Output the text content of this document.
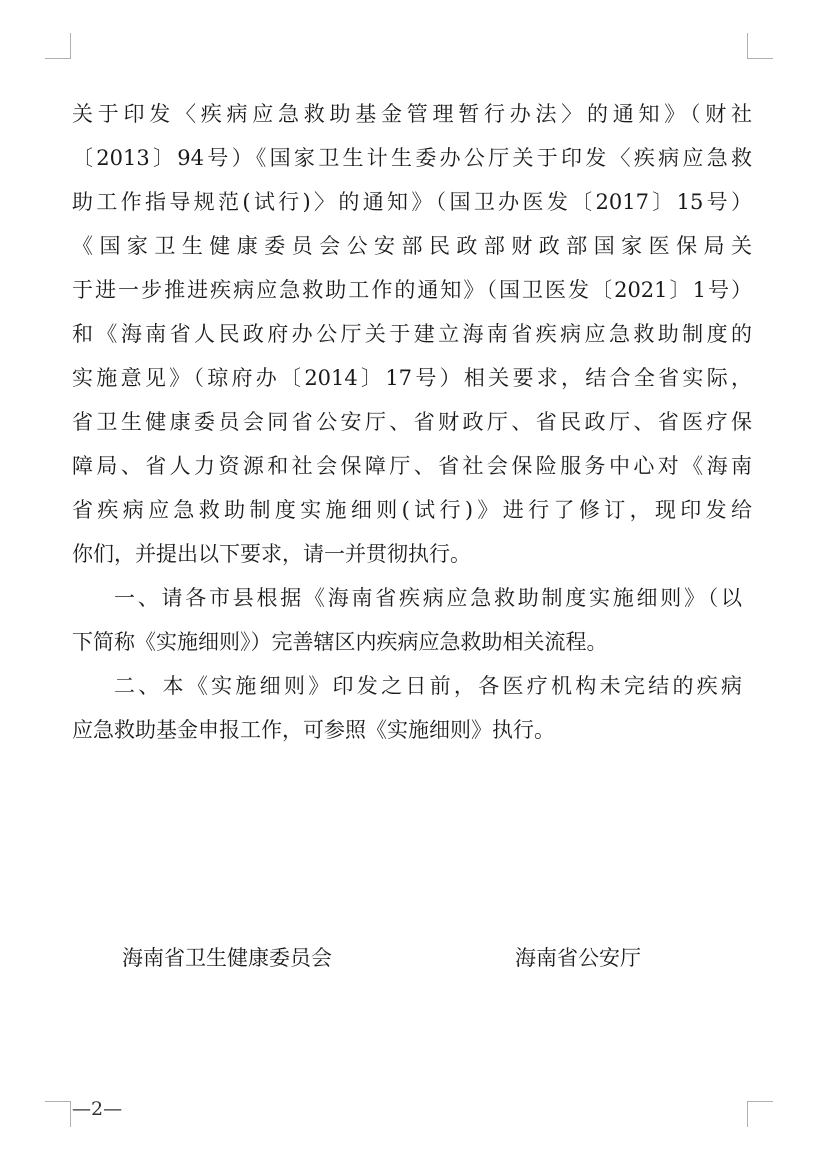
关于印发〈疾病应急救助基金管理暂行办法〉的通知》（财社
〔2013〕94号）《国家卫生计生委办公厅关于印发〈疾病应急救
助工作指导规范(试行)〉的通知》（国卫办医发〔2017〕15号）
《国家卫生健康委员会公安部民政部财政部国家医保局关
于进一步推进疾病应急救助工作的通知》（国卫医发〔2021〕1号）
和《海南省人民政府办公厅关于建立海南省疾病应急救助制度的
实施意见》（琼府办〔2014〕17号）相关要求，结合全省实际，
省卫生健康委员会同省公安厅、省财政厅、省民政厅、省医疗保
障局、省人力资源和社会保障厅、省社会保险服务中心对《海南
省疾病应急救助制度实施细则(试行)》进行了修订，现印发给
你们，并提出以下要求，请一并贯彻执行。
一、请各市县根据《海南省疾病应急救助制度实施细则》（以
下简称《实施细则》）完善辖区内疾病应急救助相关流程。
二、本《实施细则》印发之日前，各医疗机构未完结的疾病
应急救助基金申报工作，可参照《实施细则》执行。
海南省卫生健康委员会	海南省公安厅
—2—
